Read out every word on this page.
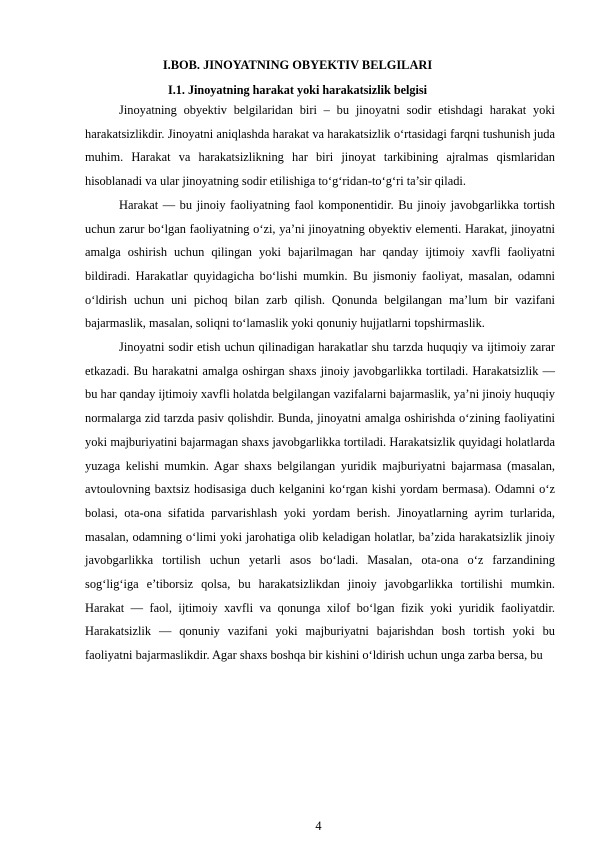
I.BOB. JINOYATNING OBYEKTIV BELGILARI
I.1. Jinoyatning harakat yoki harakatsizlik belgisi

Jinoyatning obyektiv belgilaridan biri – bu jinoyatni sodir etishdagi harakat yoki harakatsizlikdir. Jinoyatni aniqlashda harakat va harakatsizlik o‘rtasidagi farqni tushunish juda muhim. Harakat va harakatsizlikning har biri jinoyat tarkibining ajralmas qismlaridan hisoblanadi va ular jinoyatning sodir etilishiga to‘g‘ridan-to‘g‘ri ta’sir qiladi.

Harakat — bu jinoiy faoliyatning faol komponentidir. Bu jinoiy javobgarlikka tortish uchun zarur bo‘lgan faoliyatning o‘zi, ya’ni jinoyatning obyektiv elementi. Harakat, jinoyatni amalga oshirish uchun qilingan yoki bajarilmagan har qanday ijtimoiy xavfli faoliyatni bildiradi. Harakatlar quyidagicha bo‘lishi mumkin. Bu jismoniy faoliyat, masalan, odamni o‘ldirish uchun uni pichoq bilan zarb qilish. Qonunda belgilangan ma’lum bir vazifani bajarmaslik, masalan, soliqni to‘lamaslik yoki qonuniy hujjatlarni topshirmaslik.

Jinoyatni sodir etish uchun qilinadigan harakatlar shu tarzda huquqiy va ijtimoiy zarar etkazadi. Bu harakatni amalga oshirgan shaxs jinoiy javobgarlikka tortiladi. Harakatsizlik — bu har qanday ijtimoiy xavfli holatda belgilangan vazifalarni bajarmaslik, ya’ni jinoiy huquqiy normalarga zid tarzda pasiv qolishdir. Bunda, jinoyatni amalga oshirishda o‘zining faoliyatini yoki majburiyatini bajarmagan shaxs javobgarlikka tortiladi. Harakatsizlik quyidagi holatlarda yuzaga kelishi mumkin. Agar shaxs belgilangan yuridik majburiyatni bajarmasa (masalan, avtoulovning baxtsiz hodisasiga duch kelganini ko‘rgan kishi yordam bermasa). Odamni o‘z bolasi, ota-ona sifatida parvarishlash yoki yordam berish. Jinoyatlarning ayrim turlarida, masalan, odamning o‘limi yoki jarohatiga olib keladigan holatlar, ba’zida harakatsizlik jinoiy javobgarlikka tortilish uchun yetarli asos bo‘ladi. Masalan, ota-ona o‘z farzandining sog‘lig‘iga e’tiborsiz qolsa, bu harakatsizlikdan jinoiy javobgarlikka tortilishi mumkin. Harakat — faol, ijtimoiy xavfli va qonunga xilof bo‘lgan fizik yoki yuridik faoliyatdir. Harakatsizlik — qonuniy vazifani yoki majburiyatni bajarishdan bosh tortish yoki bu faoliyatni bajarmaslikdir. Agar shaxs boshqa bir kishini o‘ldirish uchun unga zarba bersa, bu

4
